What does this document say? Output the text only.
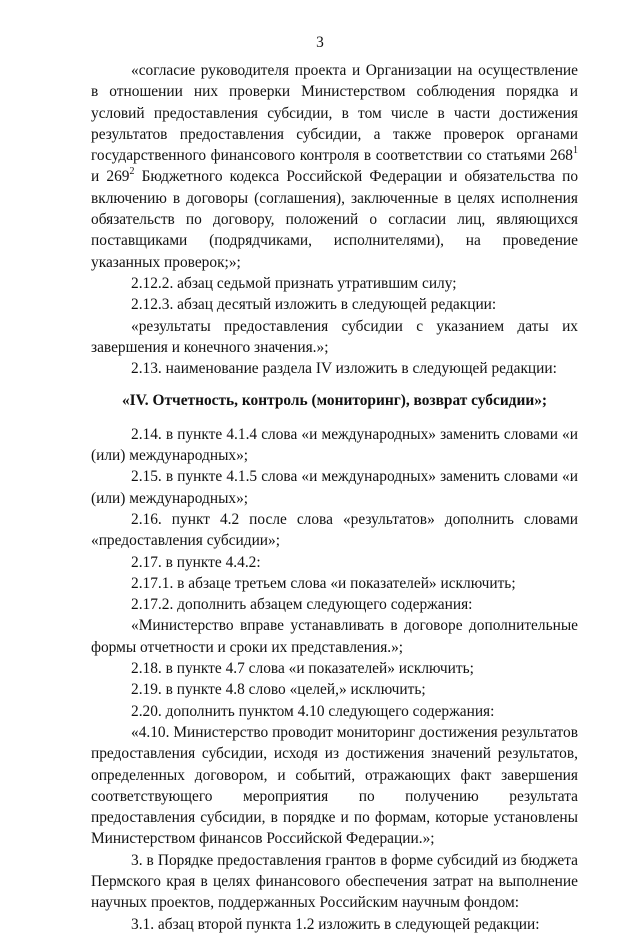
3

«согласие руководителя проекта и Организации на осуществление в отношении них проверки Министерством соблюдения порядка и условий предоставления субсидии, в том числе в части достижения результатов предоставления субсидии, а также проверок органами государственного финансового контроля в соответствии со статьями $268^1$ и $269^2$ Бюджетного кодекса Российской Федерации и обязательства по включению в договоры (соглашения), заключенные в целях исполнения обязательств по договору, положений о согласии лиц, являющихся поставщиками (подрядчиками, исполнителями), на проведение указанных проверок;»;

2.12.2. абзац седьмой признать утратившим силу;

2.12.3. абзац десятый изложить в следующей редакции:

«результаты предоставления субсидии с указанием даты их завершения и конечного значения.»;

2.13. наименование раздела IV изложить в следующей редакции:

«IV. Отчетность, контроль (мониторинг), возврат субсидии»;

2.14. в пункте 4.1.4 слова «и международных» заменить словами «и (или) международных»;

2.15. в пункте 4.1.5 слова «и международных» заменить словами «и (или) международных»;

2.16. пункт 4.2 после слова «результатов» дополнить словами «предоставления субсидии»;

2.17. в пункте 4.4.2:

2.17.1. в абзаце третьем слова «и показателей» исключить;

2.17.2. дополнить абзацем следующего содержания:

«Министерство вправе устанавливать в договоре дополнительные формы отчетности и сроки их представления.»;

2.18. в пункте 4.7 слова «и показателей» исключить;

2.19. в пункте 4.8 слово «целей,» исключить;

2.20. дополнить пунктом 4.10 следующего содержания:

«4.10. Министерство проводит мониторинг достижения результатов предоставления субсидии, исходя из достижения значений результатов, определенных договором, и событий, отражающих факт завершения соответствующего мероприятия по получению результата предоставления субсидии, в порядке и по формам, которые установлены Министерством финансов Российской Федерации.»;

3. в Порядке предоставления грантов в форме субсидий из бюджета Пермского края в целях финансового обеспечения затрат на выполнение научных проектов, поддержанных Российским научным фондом:

3.1. абзац второй пункта 1.2 изложить в следующей редакции:
